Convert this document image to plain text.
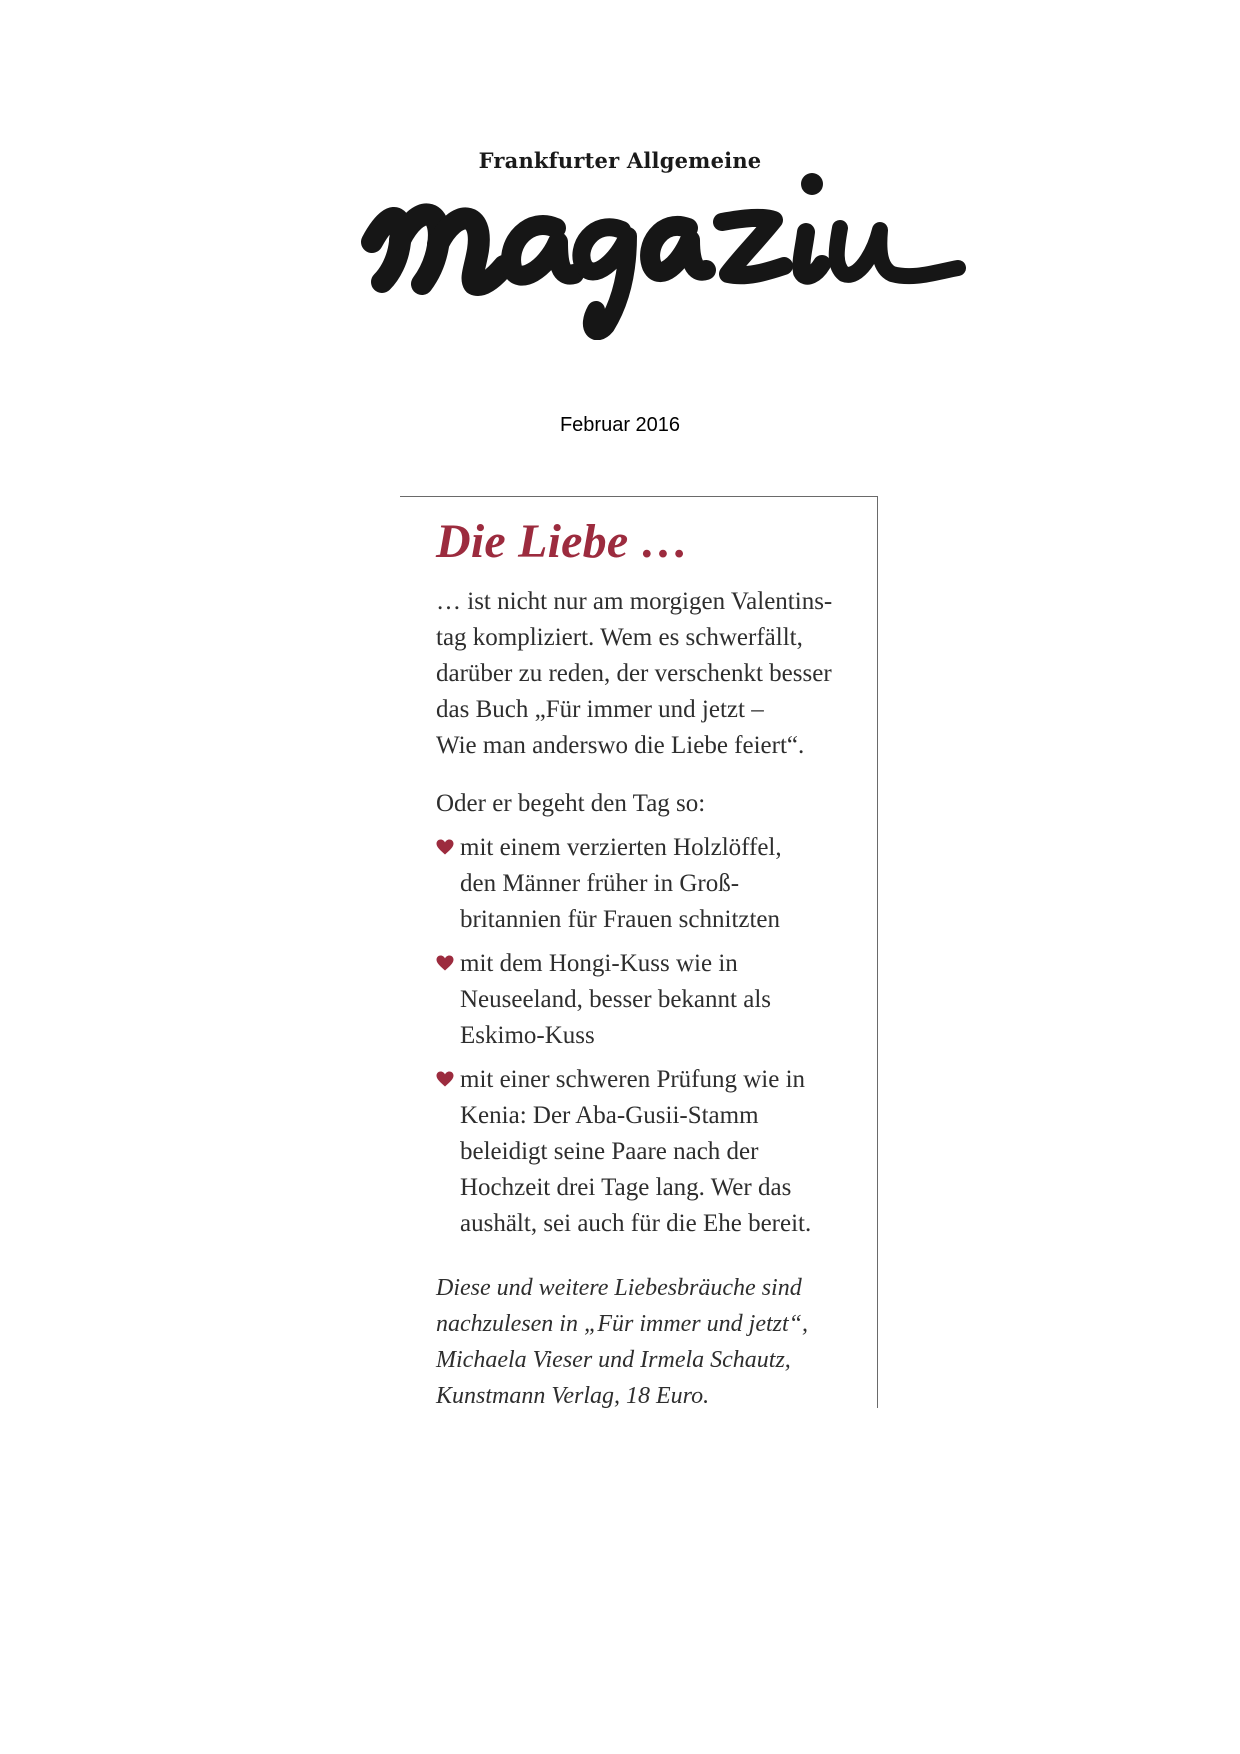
Frankfurter Allgemeine
magazin
Februar 2016
Die Liebe …

… ist nicht nur am morgigen Valentins-
tag kompliziert. Wem es schwerfällt,
darüber zu reden, der verschenkt besser
das Buch „Für immer und jetzt –
Wie man anderswo die Liebe feiert“.

Oder er begeht den Tag so:

mit einem verzierten Holzlöffel,
den Männer früher in Groß-
britannien für Frauen schnitzten
mit dem Hongi-Kuss wie in
Neuseeland, besser bekannt als
Eskimo-Kuss
mit einer schweren Prüfung wie in
Kenia: Der Aba-Gusii-Stamm
beleidigt seine Paare nach der
Hochzeit drei Tage lang. Wer das
aushält, sei auch für die Ehe bereit.

Diese und weitere Liebesbräuche sind
nachzulesen in „Für immer und jetzt“,
Michaela Vieser und Irmela Schautz,
Kunstmann Verlag, 18 Euro.
